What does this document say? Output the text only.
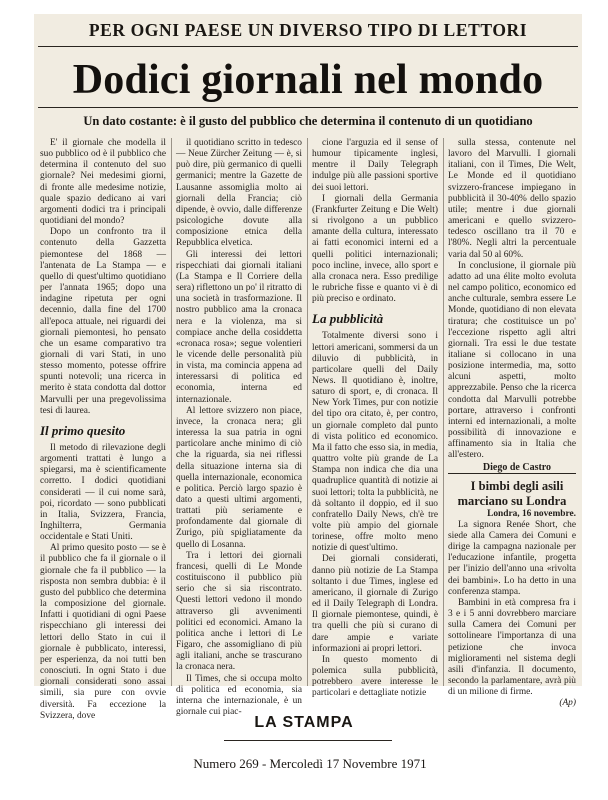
PER OGNI PAESE UN DIVERSO TIPO DI LETTORI
Dodici giornali nel mondo
Un dato costante: è il gusto del pubblico che determina il contenuto di un quotidiano

E' il giornale che modella il suo pubblico od è il pubblico che determina il contenuto del suo giornale? Nei medesimi giorni, di fronte alle medesime notizie, quale spazio dedicano ai vari argomenti dodici tra i principali quotidiani del mondo?

Dopo un confronto tra il contenuto della Gazzetta piemontese del 1868 — l'antenata de La Stampa — e quello di quest'ultimo quotidiano per l'annata 1965; dopo una indagine ripetuta per ogni decennio, dalla fine del 1700 all'epoca attuale, nei riguardi dei giornali piemontesi, ho pensato che un esame comparativo tra giornali di vari Stati, in uno stesso momento, potesse offrire spunti notevoli; una ricerca in merito è stata condotta dal dottor Marvulli per una pregevolissima tesi di laurea.

Il primo quesito

Il metodo di rilevazione degli argomenti trattati è lungo a spiegarsi, ma è scientificamente corretto. I dodici quotidiani considerati — il cui nome sarà, poi, ricordato — sono pubblicati in Italia, Svizzera, Francia, Inghilterra, Germania occidentale e Stati Uniti.

Al primo quesito posto — se è il pubblico che fa il giornale o il giornale che fa il pubblico — la risposta non sembra dubbia: è il gusto del pubblico che determina la composizione del giornale. Infatti i quotidiani di ogni Paese rispecchiano gli interessi dei lettori dello Stato in cui il giornale è pubblicato, interessi, per esperienza, da noi tutti ben conosciuti. In ogni Stato i due giornali considerati sono assai simili, sia pure con ovvie diversità. Fa eccezione la Svizzera, dove

il quotidiano scritto in tedesco — Neue Zürcher Zeitung — è, si può dire, più germanico di quelli germanici; mentre la Gazette de Lausanne assomiglia molto ai giornali della Francia; ciò dipende, è ovvio, dalle differenze psicologiche dovute alla composizione etnica della Repubblica elvetica.

Gli interessi dei lettori rispecchiati dai giornali italiani (La Stampa e Il Corriere della sera) riflettono un po' il ritratto di una società in trasformazione. Il nostro pubblico ama la cronaca nera e la violenza, ma si compiace anche della cosiddetta «cronaca rosa»; segue volentieri le vicende delle personalità più in vista, ma comincia appena ad interessarsi di politica ed economia, interna ed internazionale.

Al lettore svizzero non piace, invece, la cronaca nera; gli interessa la sua patria in ogni particolare anche minimo di ciò che la riguarda, sia nei riflessi della situazione interna sia di quella internazionale, economica e politica. Perciò largo spazio è dato a questi ultimi argomenti, trattati più seriamente e profondamente dal giornale di Zurigo, più spigliatamente da quello di Losanna.

Tra i lettori dei giornali francesi, quelli di Le Monde costituiscono il pubblico più serio che si sia riscontrato. Questi lettori vedono il mondo attraverso gli avvenimenti politici ed economici. Amano la politica anche i lettori di Le Figaro, che assomigliano di più agli italiani, anche se trascurano la cronaca nera.

Il Times, che si occupa molto di politica ed economia, sia interna che internazionale, è un giornale cui piac-

cione l'arguzia ed il sense of humour tipicamente inglesi, mentre il Daily Telegraph indulge più alle passioni sportive dei suoi lettori.

I giornali della Germania (Frankfurter Zeitung e Die Welt) si rivolgono a un pubblico amante della cultura, interessato ai fatti economici interni ed a quelli politici internazionali; poco incline, invece, allo sport e alla cronaca nera. Esso predilige le rubriche fisse e quanto vi è di più preciso e ordinato.

La pubblicità

Totalmente diversi sono i lettori americani, sommersi da un diluvio di pubblicità, in particolare quelli del Daily News. Il quotidiano è, inoltre, saturo di sport, e, di cronaca. Il New York Times, pur con notizie del tipo ora citato, è, per contro, un giornale completo dal punto di vista politico ed economico. Ma il fatto che esso sia, in media, quattro volte più grande de La Stampa non indica che dia una quadruplice quantità di notizie ai suoi lettori; tolta la pubblicità, ne dà soltanto il doppio, ed il suo confratello Daily News, ch'è tre volte più ampio del giornale torinese, offre molto meno notizie di quest'ultimo.

Dei giornali considerati, danno più notizie de La Stampa soltanto i due Times, inglese ed americano, il giornale di Zurigo ed il Daily Telegraph di Londra. Il giornale piemontese, quindi, è tra quelli che più si curano di dare ampie e variate informazioni ai propri lettori.

In questo momento di polemica sulla pubblicità, potrebbero avere interesse le particolari e dettagliate notizie

sulla stessa, contenute nel lavoro del Marvulli. I giornali italiani, con il Times, Die Welt, Le Monde ed il quotidiano svizzero-francese impiegano in pubblicità il 30-40% dello spazio utile; mentre i due giornali americani e quello svizzero-tedesco oscillano tra il 70 e l'80%. Negli altri la percentuale varia dal 50 al 60%.

In conclusione, il giornale più adatto ad una élite molto evoluta nel campo politico, economico ed anche culturale, sembra essere Le Monde, quotidiano di non elevata tiratura; che costituisce un po' l'eccezione rispetto agli altri giornali. Tra essi le due testate italiane si collocano in una posizione intermedia, ma, sotto alcuni aspetti, molto apprezzabile. Penso che la ricerca condotta dal Marvulli potrebbe portare, attraverso i confronti interni ed internazionali, a molte possibilità di innovazione e affinamento sia in Italia che all'estero.

Diego de Castro

I bimbi degli asili marciano su Londra

Londra, 16 novembre.

La signora Renée Short, che siede alla Camera dei Comuni e dirige la campagna nazionale per l'educazione infantile, progetta per l'inizio dell'anno una «rivolta dei bambini». Lo ha detto in una conferenza stampa.

Bambini in età compresa fra i 3 e i 5 anni dovrebbero marciare sulla Camera dei Comuni per sottolineare l'importanza di una petizione che invoca miglioramenti nel sistema degli asili d'infanzia. Il documento, secondo la parlamentare, avrà più di un milione di firme.

(Ap)

LA STAMPA
Numero 269 - Mercoledì 17 Novembre 1971
